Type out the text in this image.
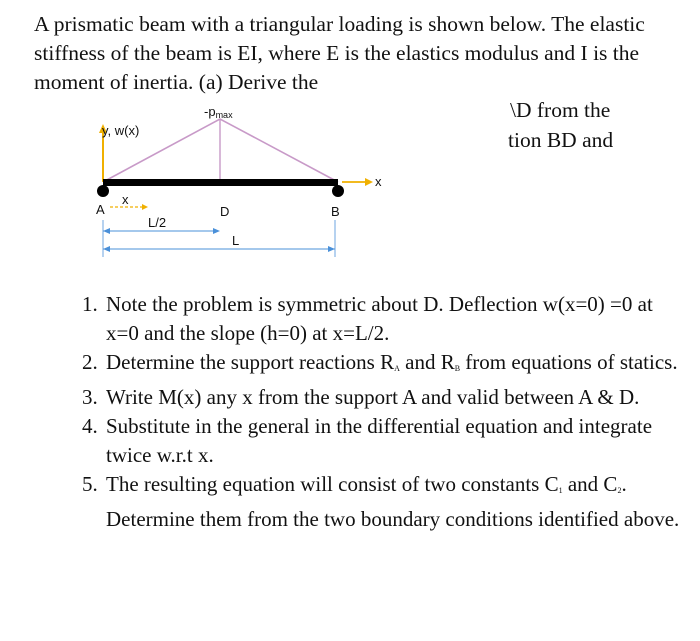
A prismatic beam with a triangular loading is shown below. The elastic stiffness of the beam is EI, where E is the elastics modulus and I is the moment of inertia. (a) Derive the

\D from the
tion BD and
y, w(x)
-pmax
x
x
A	D	B
L/2
L
1. Note the problem is symmetric about D. Deflection w(x=0) =0 at x=0 and the slope (h=0) at x=L/2.
2. Determine the support reactions $R_A$ and $R_B$ from equations of statics.
3. Write M(x) any x from the support A and valid between A & D.
4. Substitute in the general in the differential equation and integrate twice w.r.t x.
5. The resulting equation will consist of two constants $C_1$ and $C_2$. Determine them from the two boundary conditions identified above.
